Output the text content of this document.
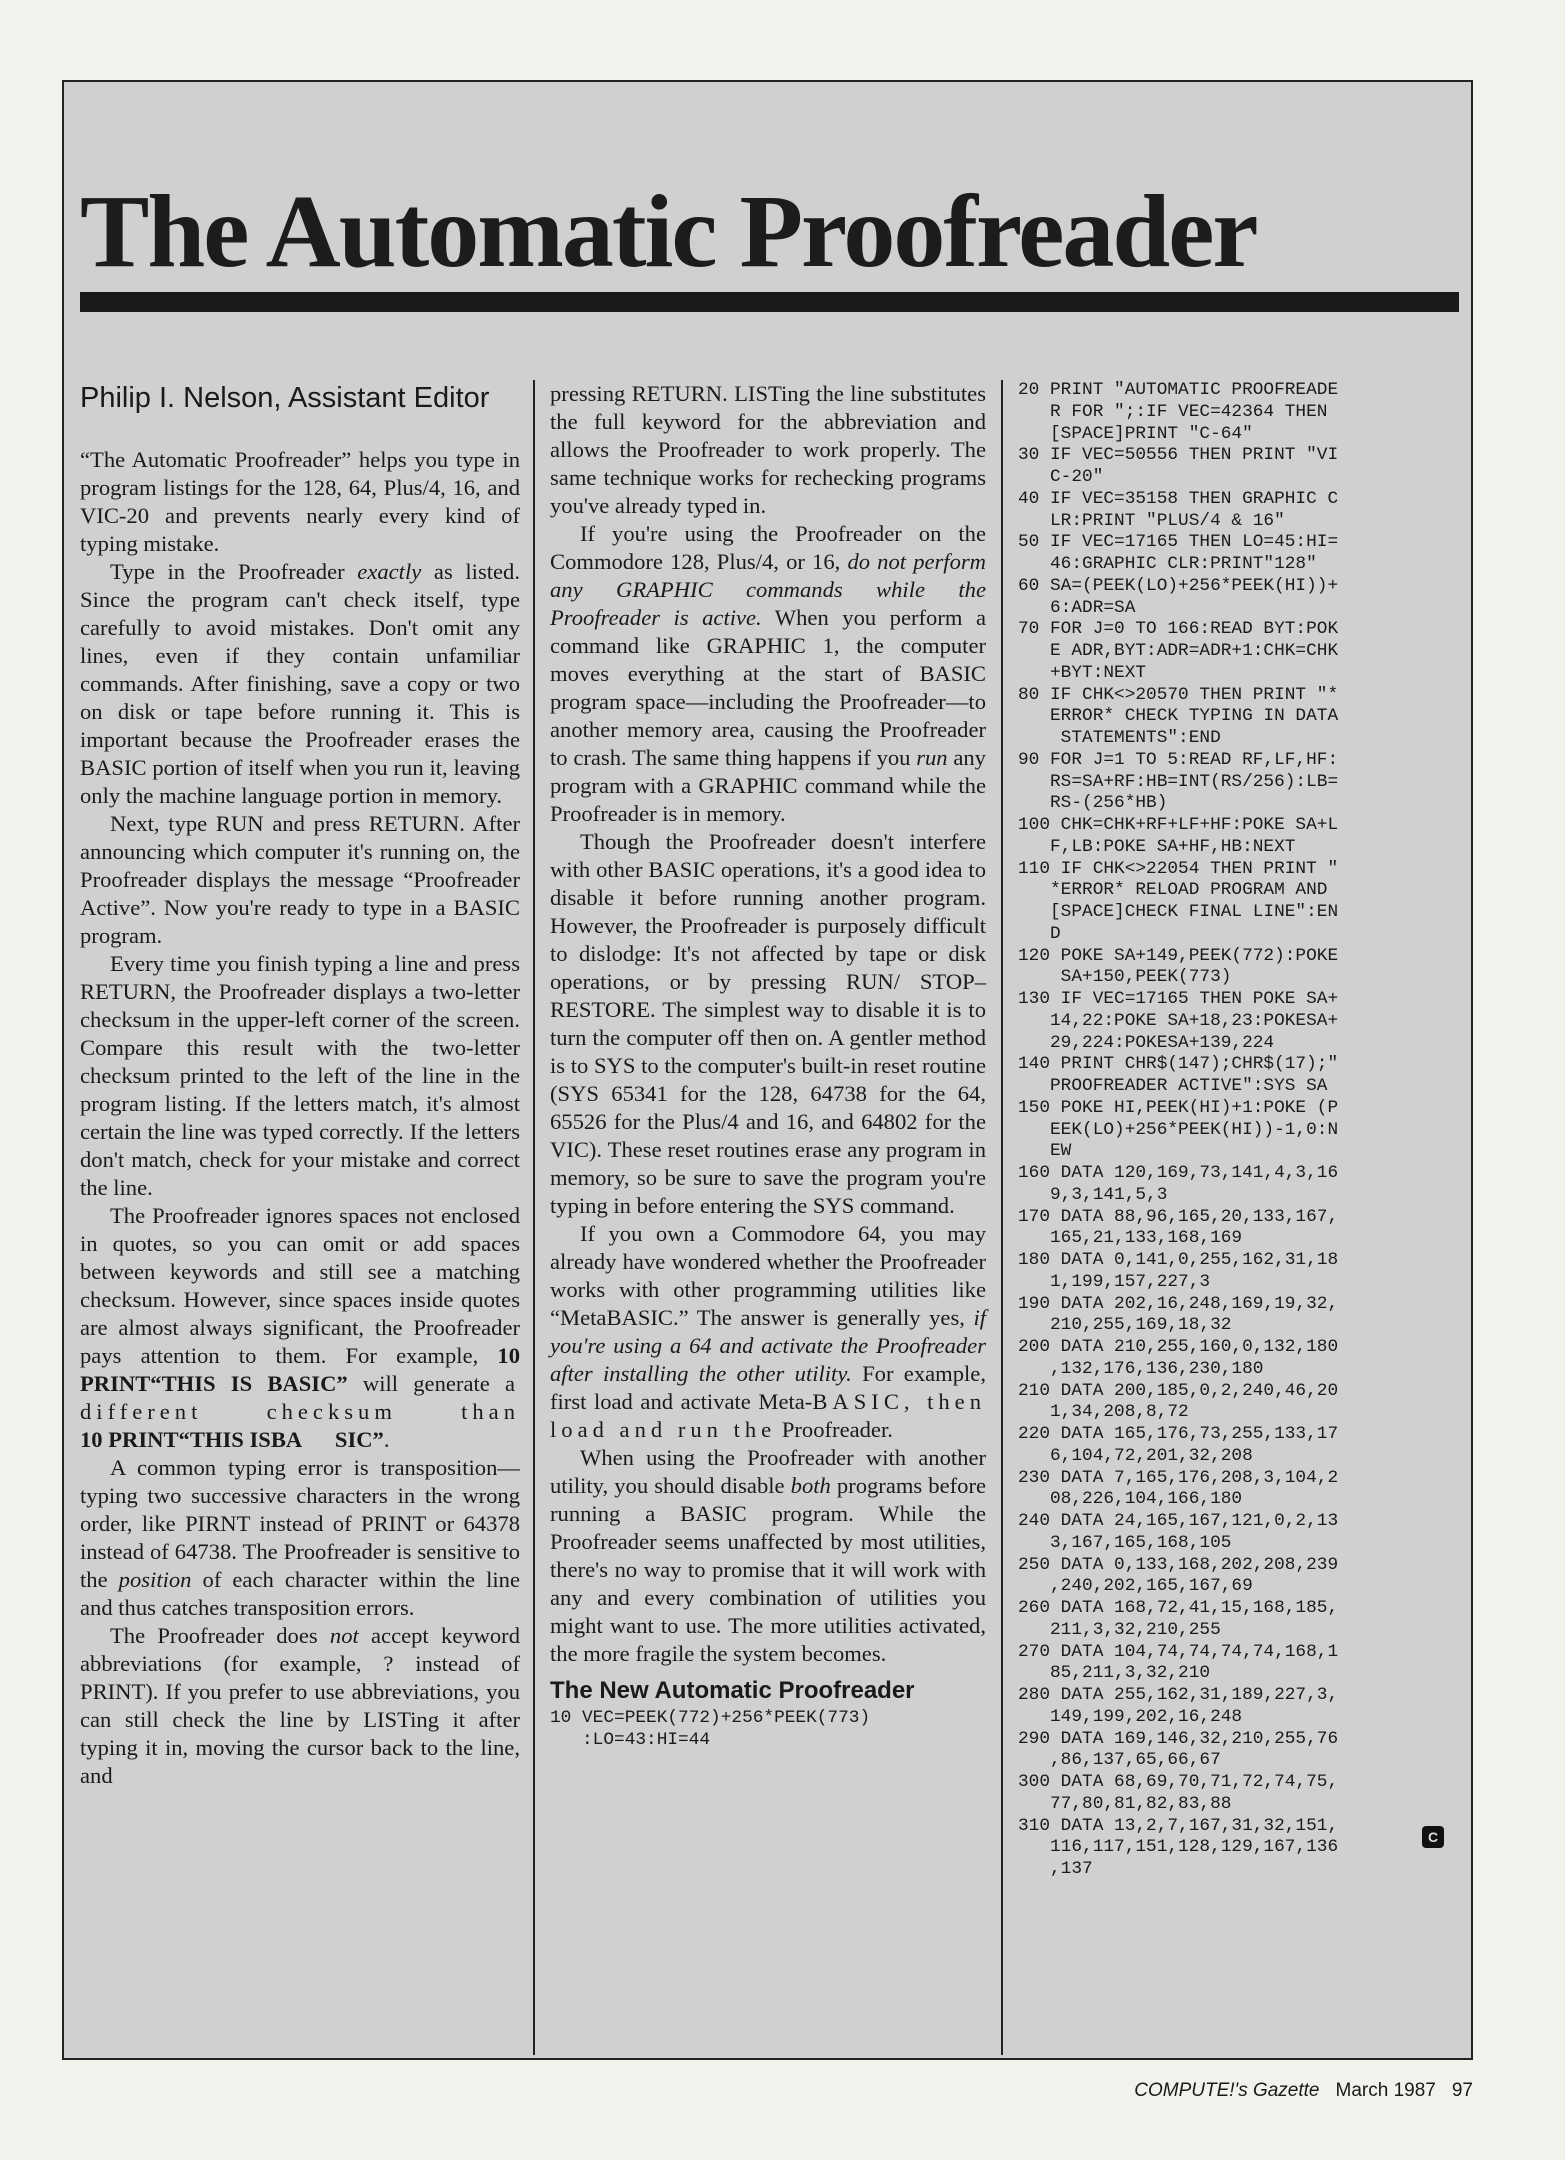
The Automatic Proofreader

Philip I. Nelson, Assistant Editor

“The Automatic Proofreader” helps you type in program listings for the 128, 64, Plus/4, 16, and VIC-20 and prevents nearly every kind of typing mistake.

Type in the Proofreader exactly as listed. Since the program can't check itself, type carefully to avoid mistakes. Don't omit any lines, even if they contain unfamiliar commands. After finishing, save a copy or two on disk or tape before running it. This is important because the Proofreader erases the BASIC portion of itself when you run it, leaving only the machine language portion in memory.

Next, type RUN and press RETURN. After announcing which computer it's running on, the Proofreader displays the message “Proofreader Active”. Now you're ready to type in a BASIC program.

Every time you finish typing a line and press RETURN, the Proofreader displays a two-letter checksum in the upper-left corner of the screen. Compare this result with the two-letter checksum printed to the left of the line in the program listing. If the letters match, it's almost certain the line was typed correctly. If the letters don't match, check for your mistake and correct the line.

The Proofreader ignores spaces not enclosed in quotes, so you can omit or add spaces between keywords and still see a matching checksum. However, since spaces inside quotes are almost always significant, the Proofreader pays attention to them. For example, 10 PRINT“THIS IS BASIC” will generate a different checksum than 10 PRINT“THIS ISBA      SIC”.

A common typing error is transposition—typing two successive characters in the wrong order, like PIRNT instead of PRINT or 64378 instead of 64738. The Proofreader is sensitive to the position of each character within the line and thus catches transposition errors.

The Proofreader does not accept keyword abbreviations (for example, ? instead of PRINT). If you prefer to use abbreviations, you can still check the line by LISTing it after typing it in, moving the cursor back to the line, and

pressing RETURN. LISTing the line substitutes the full keyword for the abbreviation and allows the Proofreader to work properly. The same technique works for rechecking programs you've already typed in.

If you're using the Proofreader on the Commodore 128, Plus/4, or 16, do not perform any GRAPHIC commands while the Proofreader is active. When you perform a command like GRAPHIC 1, the computer moves everything at the start of BASIC program space—including the Proofreader—to another memory area, causing the Proofreader to crash. The same thing happens if you run any program with a GRAPHIC command while the Proofreader is in memory.

Though the Proofreader doesn't interfere with other BASIC operations, it's a good idea to disable it before running another program. However, the Proofreader is purposely difficult to dislodge: It's not affected by tape or disk operations, or by pressing RUN/ STOP– RESTORE. The simplest way to disable it is to turn the computer off then on. A gentler method is to SYS to the computer's built-in reset routine (SYS 65341 for the 128, 64738 for the 64, 65526 for the Plus/4 and 16, and 64802 for the VIC). These reset routines erase any program in memory, so be sure to save the program you're typing in before entering the SYS command.

If you own a Commodore 64, you may already have wondered whether the Proofreader works with other programming utilities like “MetaBASIC.” The answer is generally yes, if you're using a 64 and activate the Proofreader after installing the other utility. For example, first load and activate Meta-BASIC, then load and run the Proofreader.

When using the Proofreader with another utility, you should disable both programs before running a BASIC program. While the Proofreader seems unaffected by most utilities, there's no way to promise that it will work with any and every combination of utilities you might want to use. The more utilities activated, the more fragile the system becomes.

The New Automatic Proofreader

10 VEC=PEEK(772)+256*PEEK(773)
:LO=43:HI=44

20 PRINT "AUTOMATIC PROOFREADE
R FOR ";:IF VEC=42364 THEN
[SPACE]PRINT "C-64"
30 IF VEC=50556 THEN PRINT "VI
C-20"
40 IF VEC=35158 THEN GRAPHIC C
LR:PRINT "PLUS/4 & 16"
50 IF VEC=17165 THEN LO=45:HI=
46:GRAPHIC CLR:PRINT"128"
60 SA=(PEEK(LO)+256*PEEK(HI))+
6:ADR=SA
70 FOR J=0 TO 166:READ BYT:POK
E ADR,BYT:ADR=ADR+1:CHK=CHK
+BYT:NEXT
80 IF CHK<>20570 THEN PRINT "*
ERROR* CHECK TYPING IN DATA
STATEMENTS":END
90 FOR J=1 TO 5:READ RF,LF,HF:
RS=SA+RF:HB=INT(RS/256):LB=
RS-(256*HB)
100 CHK=CHK+RF+LF+HF:POKE SA+L
F,LB:POKE SA+HF,HB:NEXT
110 IF CHK<>22054 THEN PRINT "
*ERROR* RELOAD PROGRAM AND
[SPACE]CHECK FINAL LINE":EN
D
120 POKE SA+149,PEEK(772):POKE
SA+150,PEEK(773)
130 IF VEC=17165 THEN POKE SA+
14,22:POKE SA+18,23:POKESA+
29,224:POKESA+139,224
140 PRINT CHR$(147);CHR$(17);"
PROOFREADER ACTIVE":SYS SA
150 POKE HI,PEEK(HI)+1:POKE (P
EEK(LO)+256*PEEK(HI))-1,0:N
EW
160 DATA 120,169,73,141,4,3,16
9,3,141,5,3
170 DATA 88,96,165,20,133,167,
165,21,133,168,169
180 DATA 0,141,0,255,162,31,18
1,199,157,227,3
190 DATA 202,16,248,169,19,32,
210,255,169,18,32
200 DATA 210,255,160,0,132,180
,132,176,136,230,180
210 DATA 200,185,0,2,240,46,20
1,34,208,8,72
220 DATA 165,176,73,255,133,17
6,104,72,201,32,208
230 DATA 7,165,176,208,3,104,2
08,226,104,166,180
240 DATA 24,165,167,121,0,2,13
3,167,165,168,105
250 DATA 0,133,168,202,208,239
,240,202,165,167,69
260 DATA 168,72,41,15,168,185,
211,3,32,210,255
270 DATA 104,74,74,74,74,168,1
85,211,3,32,210
280 DATA 255,162,31,189,227,3,
149,199,202,16,248
290 DATA 169,146,32,210,255,76
,86,137,65,66,67
300 DATA 68,69,70,71,72,74,75,
77,80,81,82,83,88
310 DATA 13,2,7,167,31,32,151,
116,117,151,128,129,167,136
,137
C
COMPUTE!'s Gazette March 1987 97
